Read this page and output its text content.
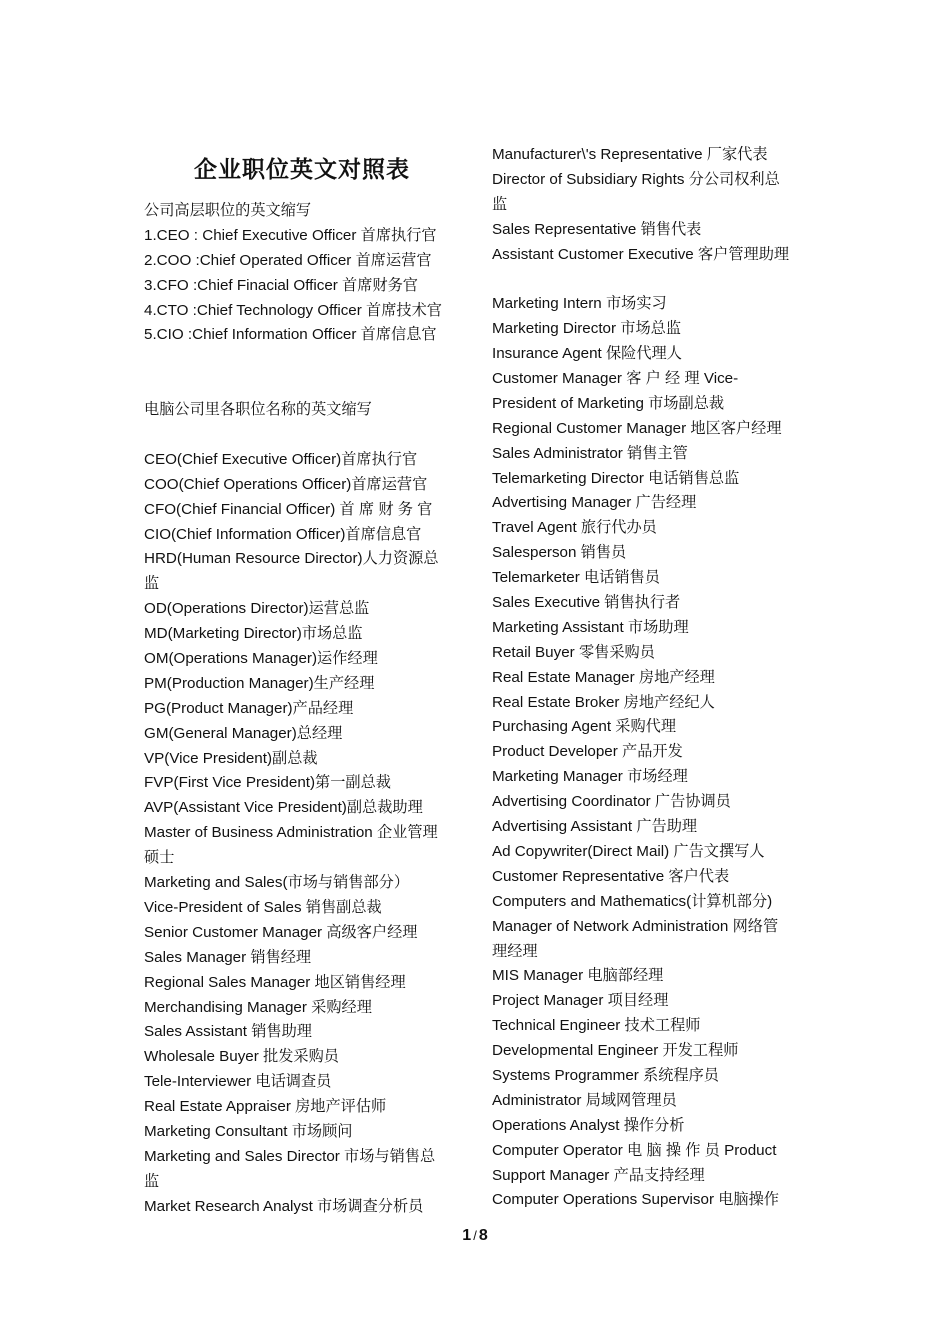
企业职位英文对照表
公司高层职位的英文缩写
1.CEO : Chief Executive Officer 首席执行官
2.COO :Chief Operated Officer 首席运营官
3.CFO :Chief Finacial Officer 首席财务官
4.CTO :Chief Technology Officer 首席技术官
5.CIO :Chief Information Officer 首席信息官
电脑公司里各职位名称的英文缩写
CEO(Chief Executive Officer)首席执行官
COO(Chief Operations Officer)首席运营官
CFO(Chief Financial Officer) 首 席 财 务 官
CIO(Chief Information Officer)首席信息官
HRD(Human Resource Director)人力资源总
监
OD(Operations Director)运营总监
MD(Marketing Director)市场总监
OM(Operations Manager)运作经理
PM(Production Manager)生产经理
PG(Product Manager)产品经理
GM(General Manager)总经理
VP(Vice President)副总裁
FVP(First Vice President)第一副总裁
AVP(Assistant Vice President)副总裁助理
Master of Business Administration 企业管理
硕士
Marketing and Sales(市场与销售部分）
Vice-President of Sales 销售副总裁
Senior Customer Manager 高级客户经理
Sales Manager 销售经理
Regional Sales Manager 地区销售经理
Merchandising Manager 采购经理
Sales Assistant 销售助理
Wholesale Buyer 批发采购员
Tele-Interviewer 电话调查员
Real Estate Appraiser 房地产评估师
Marketing Consultant 市场顾问
Marketing and Sales Director 市场与销售总
监
Market Research Analyst 市场调查分析员
Manufacturer\'s Representative 厂家代表
Director of Subsidiary Rights 分公司权利总
监
Sales Representative 销售代表
Assistant Customer Executive 客户管理助理
Marketing Intern 市场实习
Marketing Director 市场总监
Insurance Agent 保险代理人
Customer Manager 客 户 经 理 Vice-
President of Marketing 市场副总裁
Regional Customer Manager 地区客户经理
Sales Administrator 销售主管
Telemarketing Director 电话销售总监
Advertising Manager 广告经理
Travel Agent 旅行代办员
Salesperson 销售员
Telemarketer 电话销售员
Sales Executive 销售执行者
Marketing Assistant 市场助理
Retail Buyer 零售采购员
Real Estate Manager 房地产经理
Real Estate Broker 房地产经纪人
Purchasing Agent 采购代理
Product Developer 产品开发
Marketing Manager 市场经理
Advertising Coordinator 广告协调员
Advertising Assistant 广告助理
Ad Copywriter(Direct Mail) 广告文撰写人
Customer Representative 客户代表
Computers and Mathematics(计算机部分)
Manager of Network Administration 网络管
理经理
MIS Manager 电脑部经理
Project Manager 项目经理
Technical Engineer 技术工程师
Developmental Engineer 开发工程师
Systems Programmer 系统程序员
Administrator 局域网管理员
Operations Analyst 操作分析
Computer Operator 电 脑 操 作 员 Product
Support Manager 产品支持经理
Computer Operations Supervisor 电脑操作
1 / 8
